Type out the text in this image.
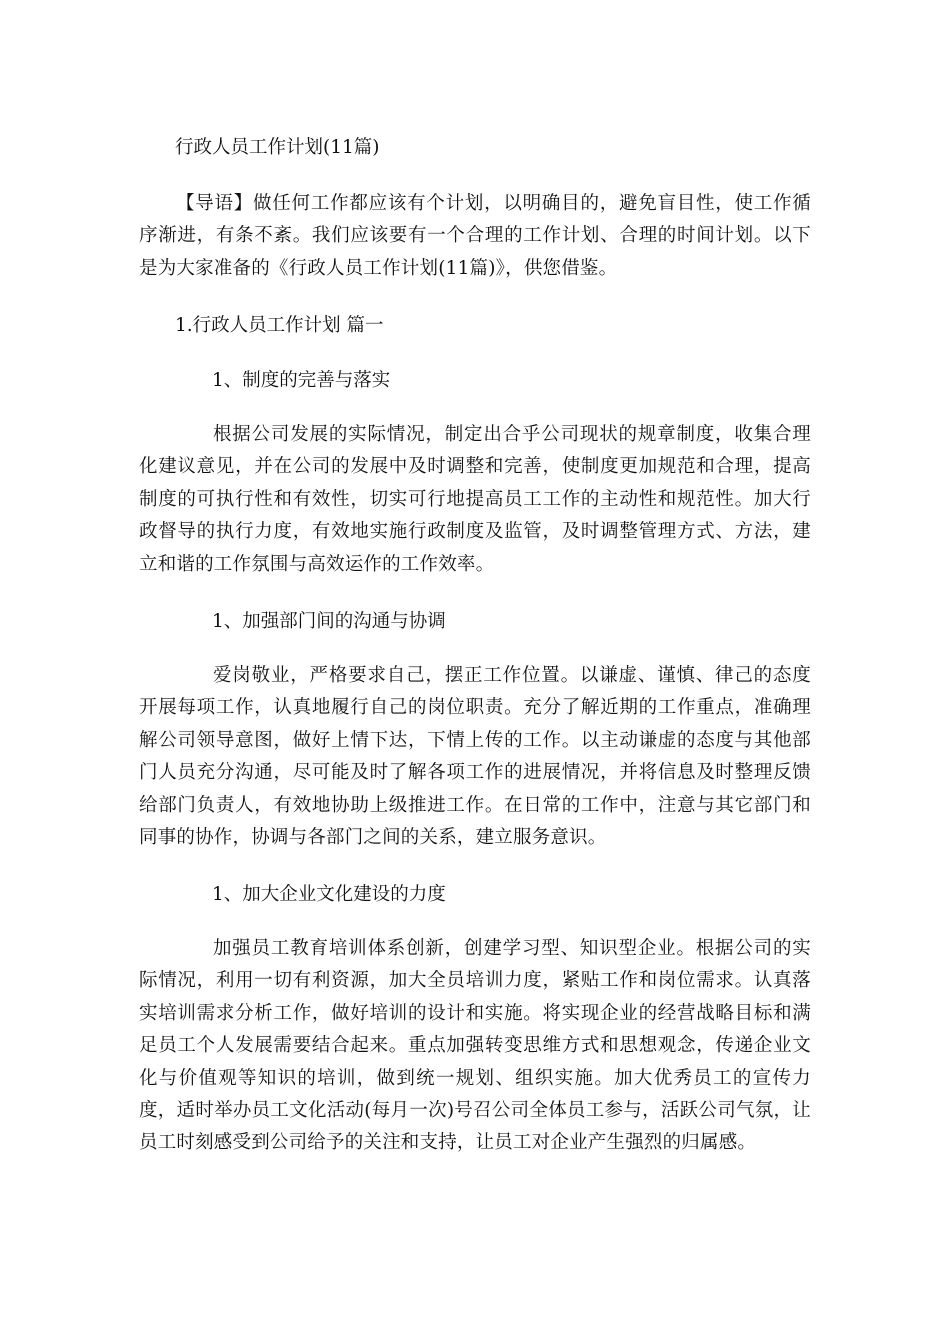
行政人员工作计划(11篇)

【导语】做任何工作都应该有个计划，以明确目的，避免盲目性，使工作循序渐进，有条不紊。我们应该要有一个合理的工作计划、合理的时间计划。以下是为大家准备的《行政人员工作计划(11篇)》，供您借鉴。

1.行政人员工作计划 篇一
1、制度的完善与落实

根据公司发展的实际情况，制定出合乎公司现状的规章制度，收集合理化建议意见，并在公司的发展中及时调整和完善，使制度更加规范和合理，提高制度的可执行性和有效性，切实可行地提高员工工作的主动性和规范性。加大行政督导的执行力度，有效地实施行政制度及监管，及时调整管理方式、方法，建立和谐的工作氛围与高效运作的工作效率。

1、加强部门间的沟通与协调

爱岗敬业，严格要求自己，摆正工作位置。以谦虚、谨慎、律己的态度开展每项工作，认真地履行自己的岗位职责。充分了解近期的工作重点，准确理解公司领导意图，做好上情下达，下情上传的工作。以主动谦虚的态度与其他部门人员充分沟通，尽可能及时了解各项工作的进展情况，并将信息及时整理反馈给部门负责人，有效地协助上级推进工作。在日常的工作中，注意与其它部门和同事的协作，协调与各部门之间的关系，建立服务意识。

1、加大企业文化建设的力度

加强员工教育培训体系创新，创建学习型、知识型企业。根据公司的实际情况，利用一切有利资源，加大全员培训力度，紧贴工作和岗位需求。认真落实培训需求分析工作，做好培训的设计和实施。将实现企业的经营战略目标和满足员工个人发展需要结合起来。重点加强转变思维方式和思想观念，传递企业文化与价值观等知识的培训，做到统一规划、组织实施。加大优秀员工的宣传力度，适时举办员工文化活动(每月一次)号召公司全体员工参与，活跃公司气氛，让员工时刻感受到公司给予的关注和支持，让员工对企业产生强烈的归属感。
